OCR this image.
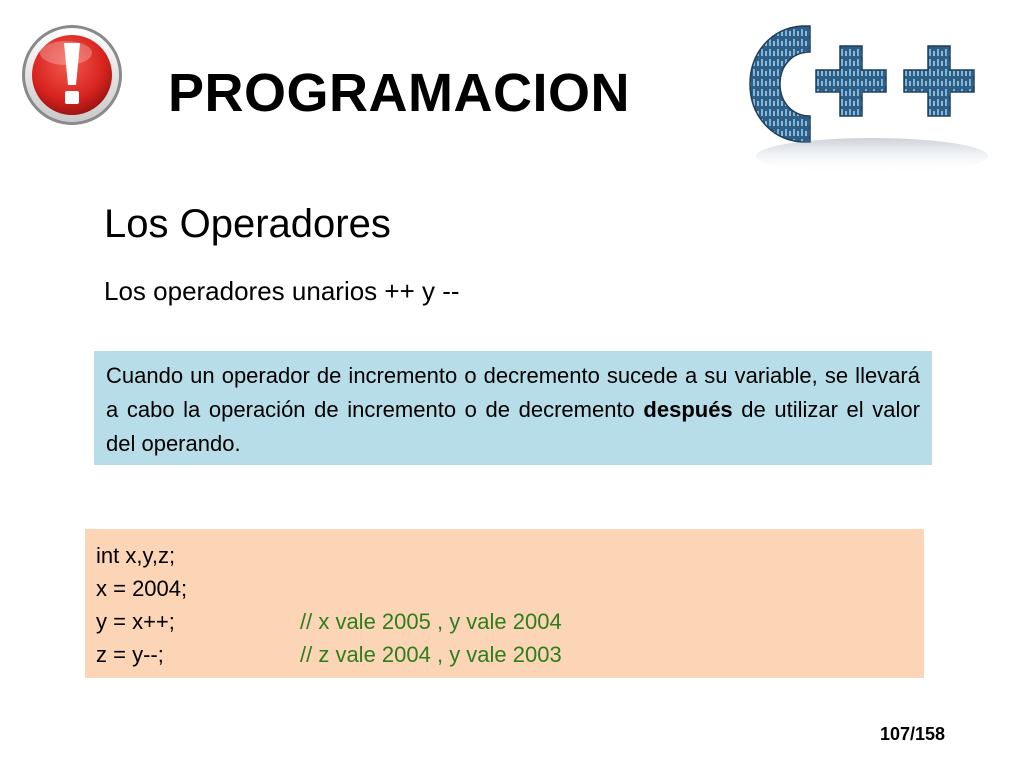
PROGRAMACION
Los Operadores
Los operadores unarios ++ y --
Cuando un operador de incremento o decremento sucede a su variable, se llevará a cabo la operación de incremento o de decremento después de utilizar el valor del operando.
int x,y,z;
x = 2004;
y = x++;	// x vale 2005 , y vale 2004
z = y--;	// z vale 2004 , y vale 2003
107/158
